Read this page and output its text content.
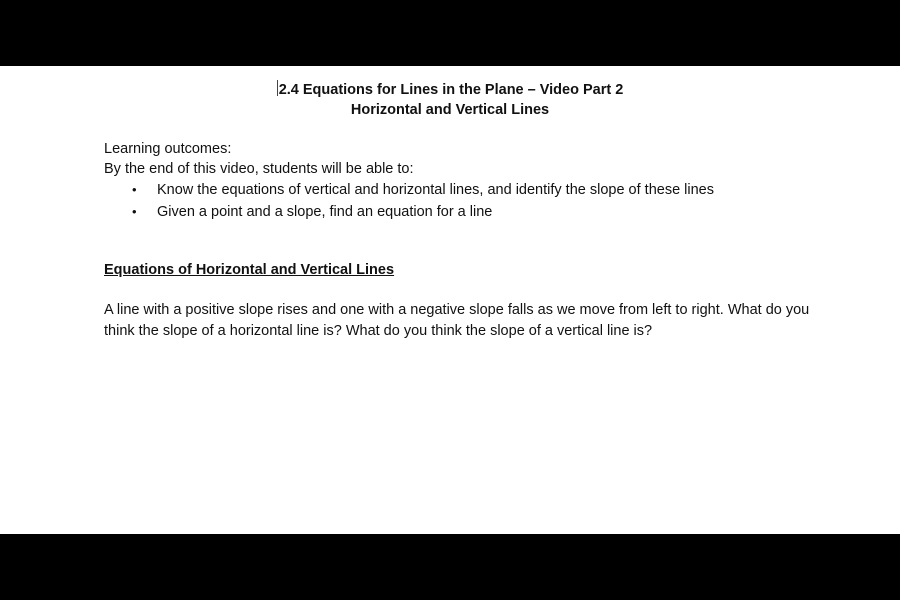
2.4 Equations for Lines in the Plane – Video Part 2
Horizontal and Vertical Lines

Learning outcomes:

By the end of this video, students will be able to:

• Know the equations of vertical and horizontal lines, and identify the slope of these lines
• Given a point and a slope, find an equation for a line

Equations of Horizontal and Vertical Lines

A line with a positive slope rises and one with a negative slope falls as we move from left to right. What do you think the slope of a horizontal line is? What do you think the slope of a vertical line is?
